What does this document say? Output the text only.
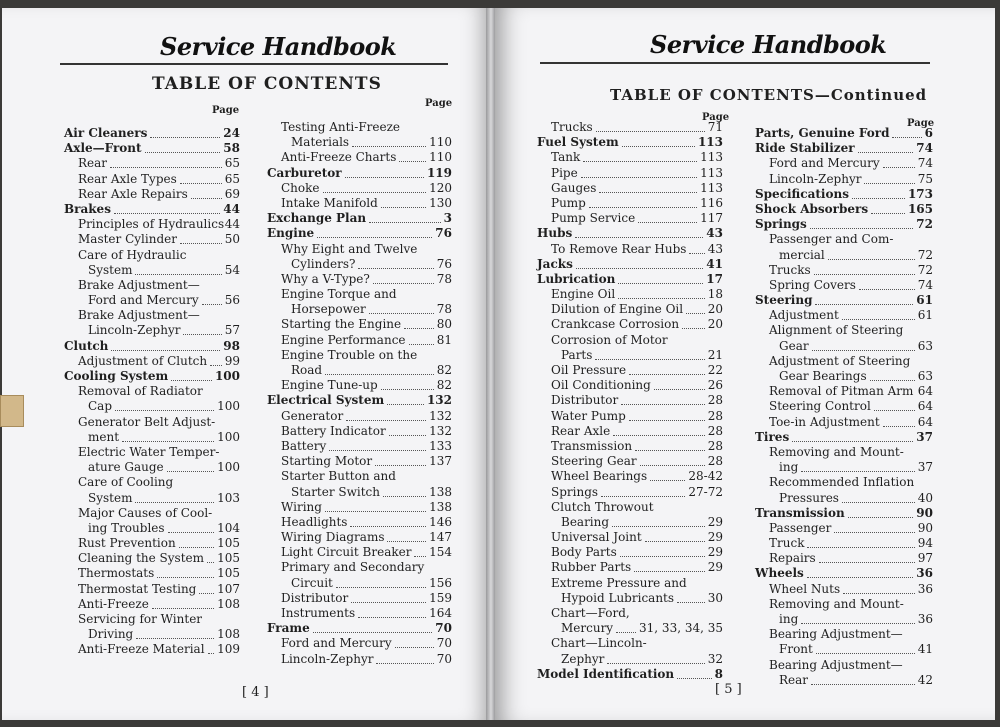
Service Handbook
TABLE OF CONTENTS
Page
Page
Air Cleaners	24
Axle—Front	58
Rear	65
Rear Axle Types	65
Rear Axle Repairs	69
Brakes	44
Principles of Hydraulics 44
Master Cylinder	50
Care of Hydraulic
System	54
Brake Adjustment—
Ford and Mercury 56
Brake Adjustment—
Lincoln-Zephyr	57
Clutch	98
Adjustment of Clutch 99
Cooling System	100
Removal of Radiator
Cap	100
Generator Belt Adjust-
ment	100
Electric Water Temper-
ature Gauge	100
Care of Cooling
System	103
Major Causes of Cool-
ing Troubles	104
Rust Prevention	105
Cleaning the System 105
Thermostats	105
Thermostat Testing 107
Anti-Freeze	108
Servicing for Winter
Driving	108
Anti-Freeze Material 109
Testing Anti-Freeze
Materials	110
Anti-Freeze Charts	110
Carburetor	119
Choke	120
Intake Manifold	130
Exchange Plan	3
Engine	76
Why Eight and Twelve
Cylinders?	76
Why a V-Type?	78
Engine Torque and
Horsepower	78
Starting the Engine	80
Engine Performance	81
Engine Trouble on the
Road	82
Engine Tune-up	82
Electrical System	132
Generator	132
Battery Indicator	132
Battery	133
Starting Motor	137
Starter Button and
Starter Switch	138
Wiring	138
Headlights	146
Wiring Diagrams	147
Light Circuit Breaker 154
Primary and Secondary
Circuit	156
Distributor	159
Instruments	164
Frame	70
Ford and Mercury	70
Lincoln-Zephyr	70
[ 4 ]
Service Handbook
TABLE OF CONTENTS—Continued
Page
Page
Trucks	71
Fuel System	113
Tank	113
Pipe	113
Gauges	113
Pump	116
Pump Service	117
Hubs	43
To Remove Rear Hubs 43
Jacks	41
Lubrication	17
Engine Oil	18
Dilution of Engine Oil 20
Crankcase Corrosion 20
Corrosion of Motor
Parts	21
Oil Pressure	22
Oil Conditioning	26
Distributor	28
Water Pump	28
Rear Axle	28
Transmission	28
Steering Gear	28
Wheel Bearings	28-42
Springs	27-72
Clutch Throwout
Bearing	29
Universal Joint	29
Body Parts	29
Rubber Parts	29
Extreme Pressure and
Hypoid Lubricants	30
Chart—Ford,
Mercury 31, 33, 34, 35
Chart—Lincoln-
Zephyr	32
Model Identification	8
Parts, Genuine Ford	6
Ride Stabilizer	74
Ford and Mercury	74
Lincoln-Zephyr	75
Specifications	173
Shock Absorbers	165
Springs	72
Passenger and Com-
mercial	72
Trucks	72
Spring Covers	74
Steering	61
Adjustment	61
Alignment of Steering
Gear	63
Adjustment of Steering
Gear Bearings	63
Removal of Pitman Arm 64
Steering Control	64
Toe-in Adjustment	64
Tires	37
Removing and Mount-
ing	37
Recommended Inflation
Pressures	40
Transmission	90
Passenger	90
Truck	94
Repairs	97
Wheels	36
Wheel Nuts	36
Removing and Mount-
ing	36
Bearing Adjustment—
Front	41
Bearing Adjustment—
Rear	42
[ 5 ]
